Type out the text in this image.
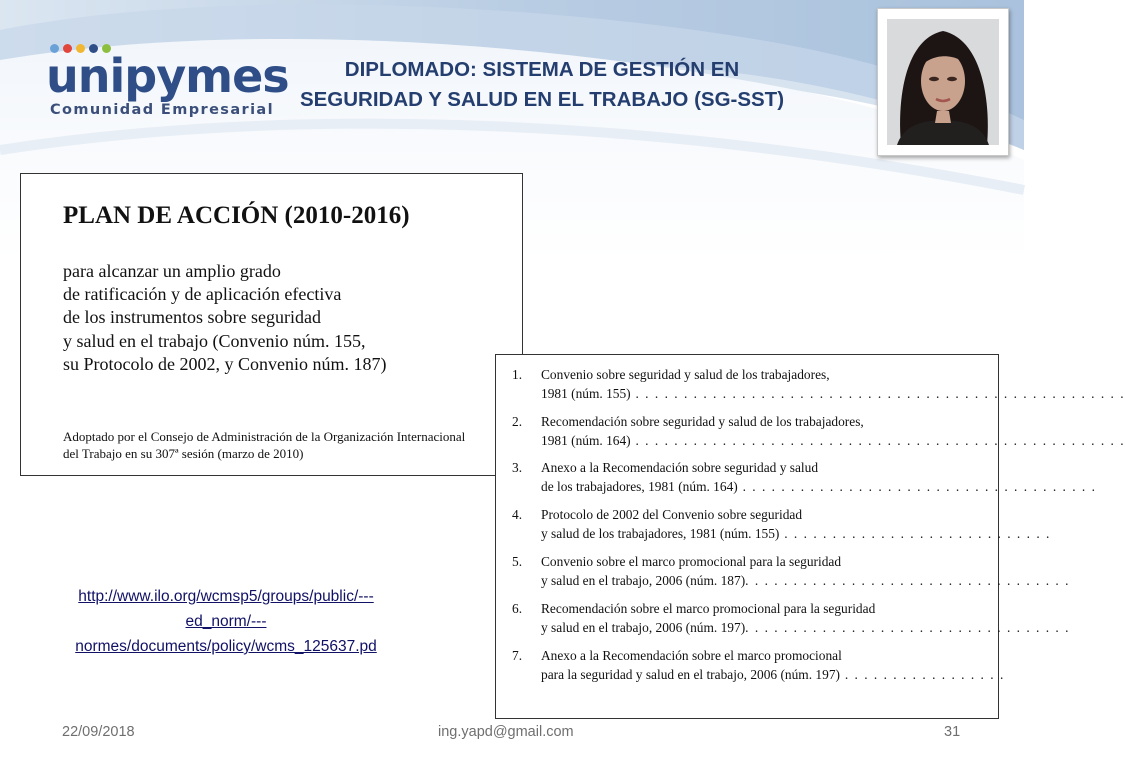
unipymes
Comunidad Empresarial
DIPLOMADO: SISTEMA DE GESTIÓN EN
SEGURIDAD Y SALUD EN EL TRABAJO (SG-SST)
PLAN DE ACCIÓN (2010-2016)
para alcanzar un amplio grado
de ratificación y de aplicación efectiva
de los instrumentos sobre seguridad
y salud en el trabajo (Convenio núm. 155,
su Protocolo de 2002, y Convenio núm. 187)
Adoptado por el Consejo de Administración de la Organización Internacional
del Trabajo en su 307ª sesión (marzo de 2010)
1. Convenio sobre seguridad y salud de los trabajadores,
1981 (núm. 155) . . . . . . . . . . . . . . . . . . . . . . . . . . . . . . . . . . . . . . . . . . . . . . . . . . .
2. Recomendación sobre seguridad y salud de los trabajadores,
1981 (núm. 164) . . . . . . . . . . . . . . . . . . . . . . . . . . . . . . . . . . . . . . . . . . . . . . . . . . .
3. Anexo a la Recomendación sobre seguridad y salud
de los trabajadores, 1981 (núm. 164) . . . . . . . . . . . . . . . . . . . . . . . . . . . . . . . . . . . . .
4. Protocolo de 2002 del Convenio sobre seguridad
y salud de los trabajadores, 1981 (núm. 155) . . . . . . . . . . . . . . . . . . . . . . . . . . . .
5. Convenio sobre el marco promocional para la seguridad
y salud en el trabajo, 2006 (núm. 187). . . . . . . . . . . . . . . . . . . . . . . . . . . . . . . . . .
6. Recomendación sobre el marco promocional para la seguridad
y salud en el trabajo, 2006 (núm. 197). . . . . . . . . . . . . . . . . . . . . . . . . . . . . . . . . .
7. Anexo a la Recomendación sobre el marco promocional
para la seguridad y salud en el trabajo, 2006 (núm. 197) . . . . . . . . . . . . . . . . .
http://www.ilo.org/wcmsp5/groups/public/---
ed_norm/---
normes/documents/policy/wcms_125637.pd
22/09/2018	ing.yapd@gmail.com	31
